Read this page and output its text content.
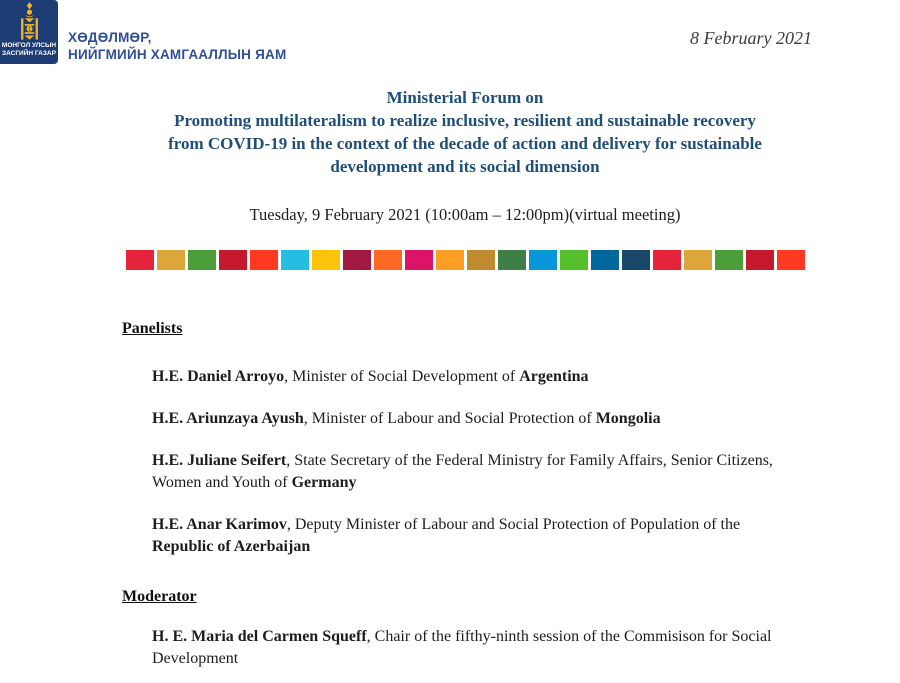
МОНГОЛ УЛСЫН
ЗАСГИЙН ГАЗАР
ХӨДӨЛМӨР,
НИЙГМИЙН ХАМГААЛЛЫН ЯАМ
8 February 2021
Ministerial Forum on
Promoting multilateralism to realize inclusive, resilient and sustainable recovery
from COVID-19 in the context of the decade of action and delivery for sustainable
development and its social dimension
Tuesday, 9 February 2021 (10:00am – 12:00pm)(virtual meeting)
Panelists

H.E. Daniel Arroyo, Minister of Social Development of Argentina

H.E. Ariunzaya Ayush, Minister of Labour and Social Protection of Mongolia

H.E. Juliane Seifert, State Secretary of the Federal Ministry for Family Affairs, Senior Citizens, Women and Youth of Germany

H.E. Anar Karimov, Deputy Minister of Labour and Social Protection of Population of the Republic of Azerbaijan

Moderator

H. E. Maria del Carmen Squeff, Chair of the fifthy-ninth session of the Commisison for Social Development
